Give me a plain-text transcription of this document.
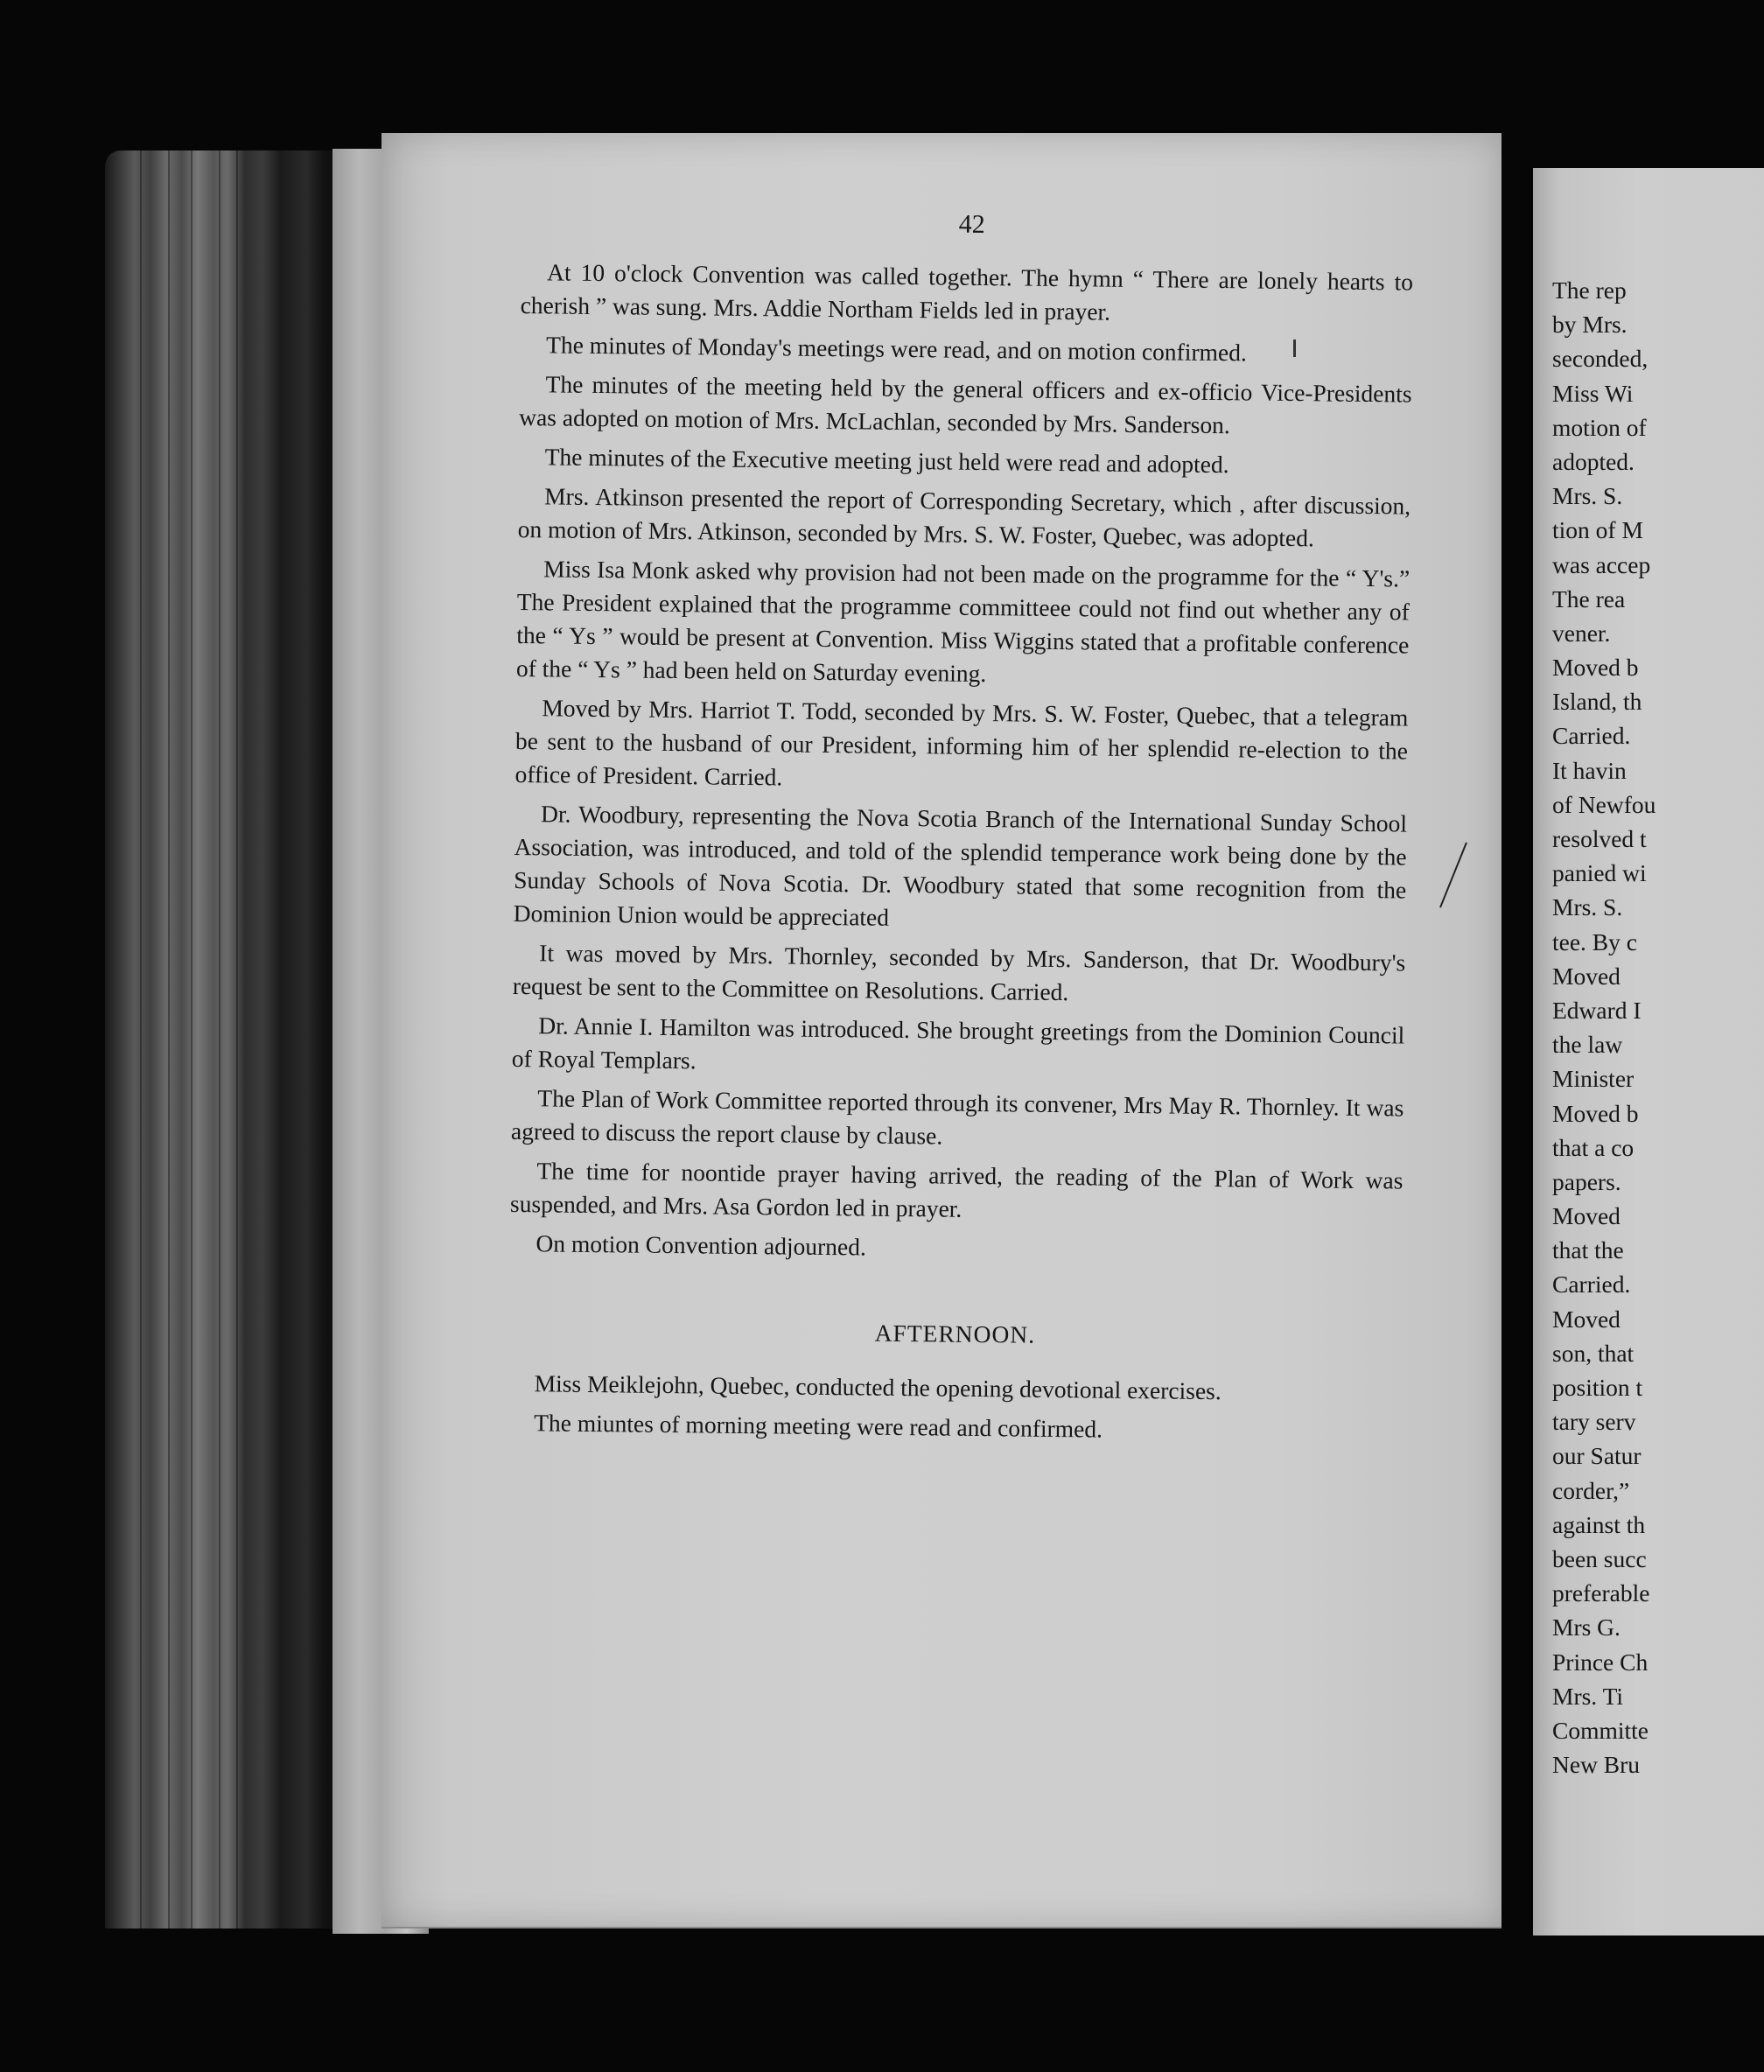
42

At 10 o'clock Convention was called together. The hymn “ There are lonely hearts to cherish ” was sung. Mrs. Addie Northam Fields led in prayer.

The minutes of Monday's meetings were read, and on motion confirmed.

The minutes of the meeting held by the general officers and ex-officio Vice-Presidents was adopted on motion of Mrs. McLachlan, seconded by Mrs. Sanderson.

The minutes of the Executive meeting just held were read and adopted.

Mrs. Atkinson presented the report of Corresponding Secretary, which , after discussion, on motion of Mrs. Atkinson, seconded by Mrs. S. W. Foster, Quebec, was adopted.

Miss Isa Monk asked why provision had not been made on the programme for the “ Y's.” The President explained that the programme committeee could not find out whether any of the “ Ys ” would be present at Convention. Miss Wiggins stated that a profitable conference of the “ Ys ” had been held on Saturday evening.

Moved by Mrs. Harriot T. Todd, seconded by Mrs. S. W. Foster, Quebec, that a telegram be sent to the husband of our President, informing him of her splendid re-election to the office of President. Carried.

Dr. Woodbury, representing the Nova Scotia Branch of the International Sunday School Association, was introduced, and told of the splendid temperance work being done by the Sunday Schools of Nova Scotia. Dr. Woodbury stated that some recognition from the Dominion Union would be appreciated

It was moved by Mrs. Thornley, seconded by Mrs. Sanderson, that Dr. Woodbury's request be sent to the Committee on Resolutions. Carried.

Dr. Annie I. Hamilton was introduced. She brought greetings from the Dominion Council of Royal Templars.

The Plan of Work Committee reported through its convener, Mrs May R. Thornley. It was agreed to discuss the report clause by clause.

The time for noontide prayer having arrived, the reading of the Plan of Work was suspended, and Mrs. Asa Gordon led in prayer.

On motion Convention adjourned.

AFTERNOON.

Miss Meiklejohn, Quebec, conducted the opening devotional exercises.

The miuntes of morning meeting were read and confirmed.

The rep
by Mrs.
seconded,
Miss Wi
motion of
adopted.
Mrs. S.
tion of M
was accep
The rea
vener.
Moved b
Island, th
Carried.
It havin
of Newfou
resolved t
panied wi
Mrs. S.
tee. By c
Moved
Edward I
the law
Minister
Moved b
that a co
papers.
Moved
that the
Carried.
Moved
son, that
position t
tary serv
our Satur
corder,”
against th
been succ
preferable
Mrs G.
Prince Ch
Mrs. Ti
Committe
New Bru
